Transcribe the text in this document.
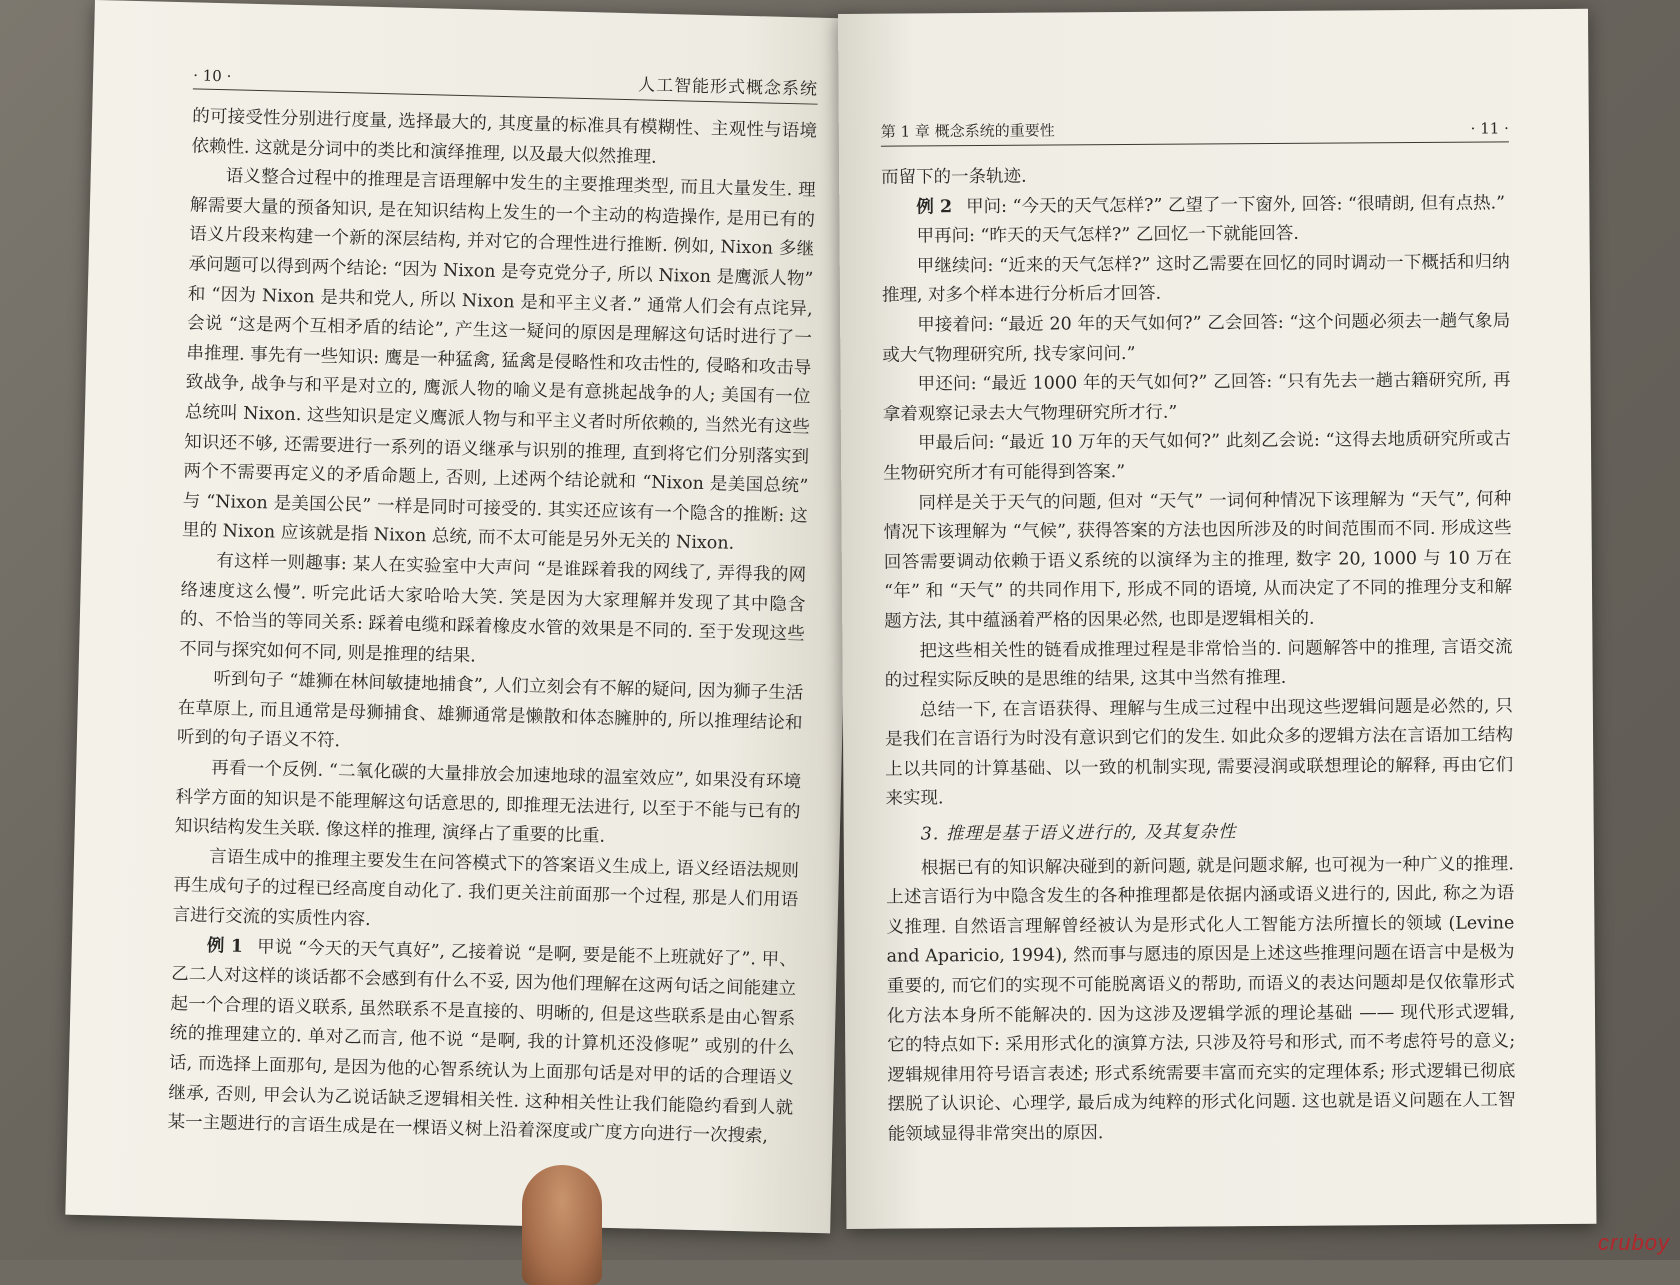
· 10 ·	人工智能形式概念系统

的可接受性分别进行度量, 选择最大的, 其度量的标准具有模糊性、主观性与语境依赖性. 这就是分词中的类比和演绎推理, 以及最大似然推理.

语义整合过程中的推理是言语理解中发生的主要推理类型, 而且大量发生. 理解需要大量的预备知识, 是在知识结构上发生的一个主动的构造操作, 是用已有的语义片段来构建一个新的深层结构, 并对它的合理性进行推断. 例如, Nixon 多继承问题可以得到两个结论: “因为 Nixon 是夸克党分子, 所以 Nixon 是鹰派人物” 和 “因为 Nixon 是共和党人, 所以 Nixon 是和平主义者.” 通常人们会有点诧异, 会说 “这是两个互相矛盾的结论”, 产生这一疑问的原因是理解这句话时进行了一串推理. 事先有一些知识: 鹰是一种猛禽, 猛禽是侵略性和攻击性的, 侵略和攻击导致战争, 战争与和平是对立的, 鹰派人物的喻义是有意挑起战争的人; 美国有一位总统叫 Nixon. 这些知识是定义鹰派人物与和平主义者时所依赖的, 当然光有这些知识还不够, 还需要进行一系列的语义继承与识别的推理, 直到将它们分别落实到两个不需要再定义的矛盾命题上, 否则, 上述两个结论就和 “Nixon 是美国总统” 与 “Nixon 是美国公民” 一样是同时可接受的. 其实还应该有一个隐含的推断: 这里的 Nixon 应该就是指 Nixon 总统, 而不太可能是另外无关的 Nixon.

有这样一则趣事: 某人在实验室中大声问 “是谁踩着我的网线了, 弄得我的网络速度这么慢”. 听完此话大家哈哈大笑. 笑是因为大家理解并发现了其中隐含的、不恰当的等同关系: 踩着电缆和踩着橡皮水管的效果是不同的. 至于发现这些不同与探究如何不同, 则是推理的结果.

听到句子 “雄狮在林间敏捷地捕食”, 人们立刻会有不解的疑问, 因为狮子生活在草原上, 而且通常是母狮捕食、雄狮通常是懒散和体态臃肿的, 所以推理结论和听到的句子语义不符.

再看一个反例. “二氧化碳的大量排放会加速地球的温室效应”, 如果没有环境科学方面的知识是不能理解这句话意思的, 即推理无法进行, 以至于不能与已有的知识结构发生关联. 像这样的推理, 演绎占了重要的比重.

言语生成中的推理主要发生在问答模式下的答案语义生成上, 语义经语法规则再生成句子的过程已经高度自动化了. 我们更关注前面那一个过程, 那是人们用语言进行交流的实质性内容.

例 1 甲说 “今天的天气真好”, 乙接着说 “是啊, 要是能不上班就好了”. 甲、乙二人对这样的谈话都不会感到有什么不妥, 因为他们理解在这两句话之间能建立起一个合理的语义联系, 虽然联系不是直接的、明晰的, 但是这些联系是由心智系统的推理建立的. 单对乙而言, 他不说 “是啊, 我的计算机还没修呢” 或别的什么话, 而选择上面那句, 是因为他的心智系统认为上面那句话是对甲的话的合理语义继承, 否则, 甲会认为乙说话缺乏逻辑相关性. 这种相关性让我们能隐约看到人就某一主题进行的言语生成是在一棵语义树上沿着深度或广度方向进行一次搜索,

第 1 章 概念系统的重要性	· 11 ·

而留下的一条轨迹.

例 2 甲问: “今天的天气怎样?” 乙望了一下窗外, 回答: “很晴朗, 但有点热.”

甲再问: “昨天的天气怎样?” 乙回忆一下就能回答.

甲继续问: “近来的天气怎样?” 这时乙需要在回忆的同时调动一下概括和归纳推理, 对多个样本进行分析后才回答.

甲接着问: “最近 20 年的天气如何?” 乙会回答: “这个问题必须去一趟气象局或大气物理研究所, 找专家问问.”

甲还问: “最近 1000 年的天气如何?” 乙回答: “只有先去一趟古籍研究所, 再拿着观察记录去大气物理研究所才行.”

甲最后问: “最近 10 万年的天气如何?” 此刻乙会说: “这得去地质研究所或古生物研究所才有可能得到答案.”

同样是关于天气的问题, 但对 “天气” 一词何种情况下该理解为 “天气”, 何种情况下该理解为 “气候”, 获得答案的方法也因所涉及的时间范围而不同. 形成这些回答需要调动依赖于语义系统的以演绎为主的推理, 数字 20, 1000 与 10 万在 “年” 和 “天气” 的共同作用下, 形成不同的语境, 从而决定了不同的推理分支和解题方法, 其中蕴涵着严格的因果必然, 也即是逻辑相关的.

把这些相关性的链看成推理过程是非常恰当的. 问题解答中的推理, 言语交流的过程实际反映的是思维的结果, 这其中当然有推理.

总结一下, 在言语获得、理解与生成三过程中出现这些逻辑问题是必然的, 只是我们在言语行为时没有意识到它们的发生. 如此众多的逻辑方法在言语加工结构上以共同的计算基础、以一致的机制实现, 需要浸润或联想理论的解释, 再由它们来实现.

3. 推理是基于语义进行的, 及其复杂性

根据已有的知识解决碰到的新问题, 就是问题求解, 也可视为一种广义的推理. 上述言语行为中隐含发生的各种推理都是依据内涵或语义进行的, 因此, 称之为语义推理. 自然语言理解曾经被认为是形式化人工智能方法所擅长的领域 (Levine and Aparicio, 1994), 然而事与愿违的原因是上述这些推理问题在语言中是极为重要的, 而它们的实现不可能脱离语义的帮助, 而语义的表达问题却是仅依靠形式化方法本身所不能解决的. 因为这涉及逻辑学派的理论基础 —— 现代形式逻辑, 它的特点如下: 采用形式化的演算方法, 只涉及符号和形式, 而不考虑符号的意义; 逻辑规律用符号语言表述; 形式系统需要丰富而充实的定理体系; 形式逻辑已彻底摆脱了认识论、心理学, 最后成为纯粹的形式化问题. 这也就是语义问题在人工智能领域显得非常突出的原因.

cruboy
